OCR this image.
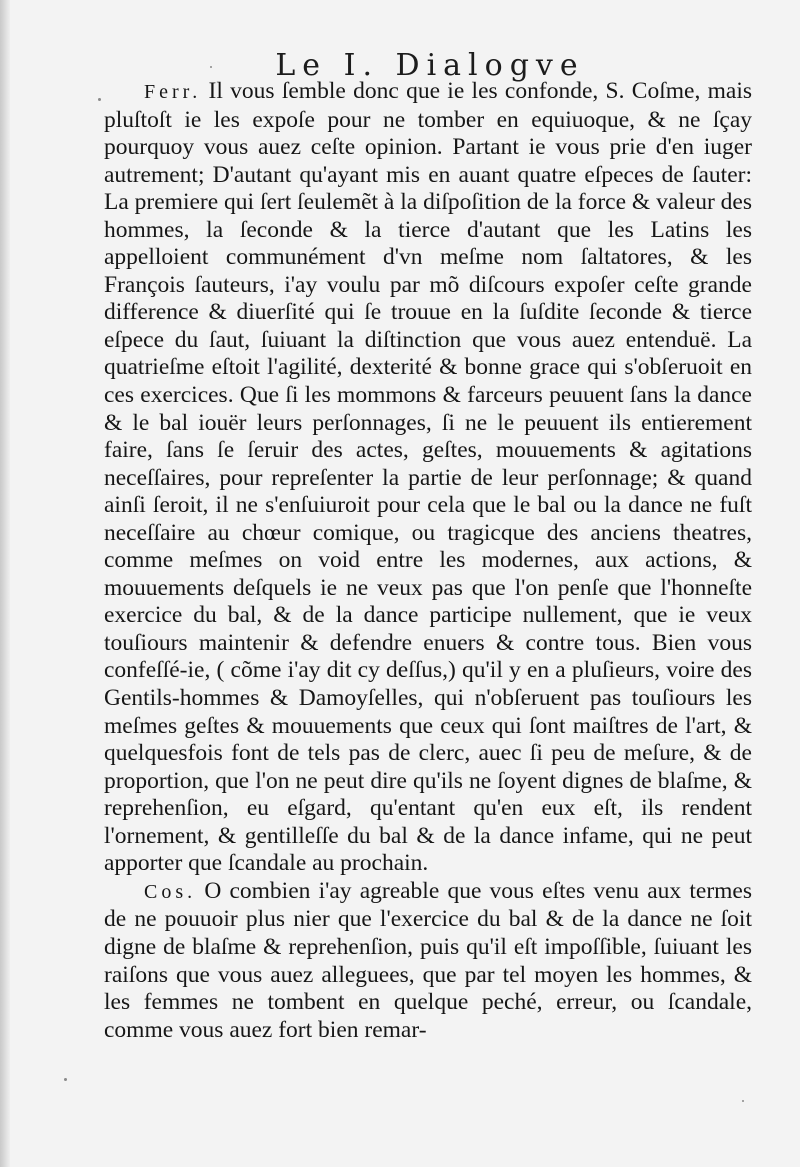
Le I. Dialogve

Ferr. Il vous ſemble donc que ie les confonde, S. Coſme, mais pluſtoſt ie les expoſe pour ne tomber en equiuoque, & ne ſçay pourquoy vous auez ceſte opinion. Partant ie vous prie d'en iuger autrement; D'autant qu'ayant mis en auant quatre eſpeces de ſauter: La premiere qui ſert ſeulemẽt à la diſpoſition de la force & valeur des hommes, la ſeconde & la tierce d'autant que les Latins les appelloient communément d'vn meſme nom ſaltatores, & les François ſauteurs, i'ay voulu par mõ diſcours expoſer ceſte grande difference & diuerſité qui ſe trouue en la ſuſdite ſeconde & tierce eſpece du ſaut, ſuiuant la diſtinction que vous auez entenduë. La quatrieſme eſtoit l'agilité, dexterité & bonne grace qui s'obſeruoit en ces exercices. Que ſi les mommons & farceurs peuuent ſans la dance & le bal iouër leurs perſonnages, ſi ne le peuuent ils entierement faire, ſans ſe ſeruir des actes, geſtes, mouuements & agitations neceſſaires, pour repreſenter la partie de leur perſonnage; & quand ainſi ſeroit, il ne s'enſuiuroit pour cela que le bal ou la dance ne fuſt neceſſaire au chœur comique, ou tragicque des anciens theatres, comme meſmes on void entre les modernes, aux actions, & mouuements deſquels ie ne veux pas que l'on penſe que l'honneſte exercice du bal, & de la dance participe nullement, que ie veux touſiours maintenir & defendre enuers & contre tous. Bien vous confeſſé-ie, ( cõme i'ay dit cy deſſus,) qu'il y en a pluſieurs, voire des Gentils-hommes & Damoyſelles, qui n'obſeruent pas touſiours les meſmes geſtes & mouuements que ceux qui ſont maiſtres de l'art, & quelquesfois font de tels pas de clerc, auec ſi peu de meſure, & de proportion, que l'on ne peut dire qu'ils ne ſoyent dignes de blaſme, & reprehenſion, eu eſgard, qu'entant qu'en eux eſt, ils rendent l'ornement, & gentilleſſe du bal & de la dance infame, qui ne peut apporter que ſcandale au prochain.

Cos. O combien i'ay agreable que vous eſtes venu aux termes de ne pouuoir plus nier que l'exercice du bal & de la dance ne ſoit digne de blaſme & reprehenſion, puis qu'il eſt impoſſible, ſuiuant les raiſons que vous auez alleguees, que par tel moyen les hommes, & les femmes ne tombent en quelque peché, erreur, ou ſcandale, comme vous auez fort bien remar-
